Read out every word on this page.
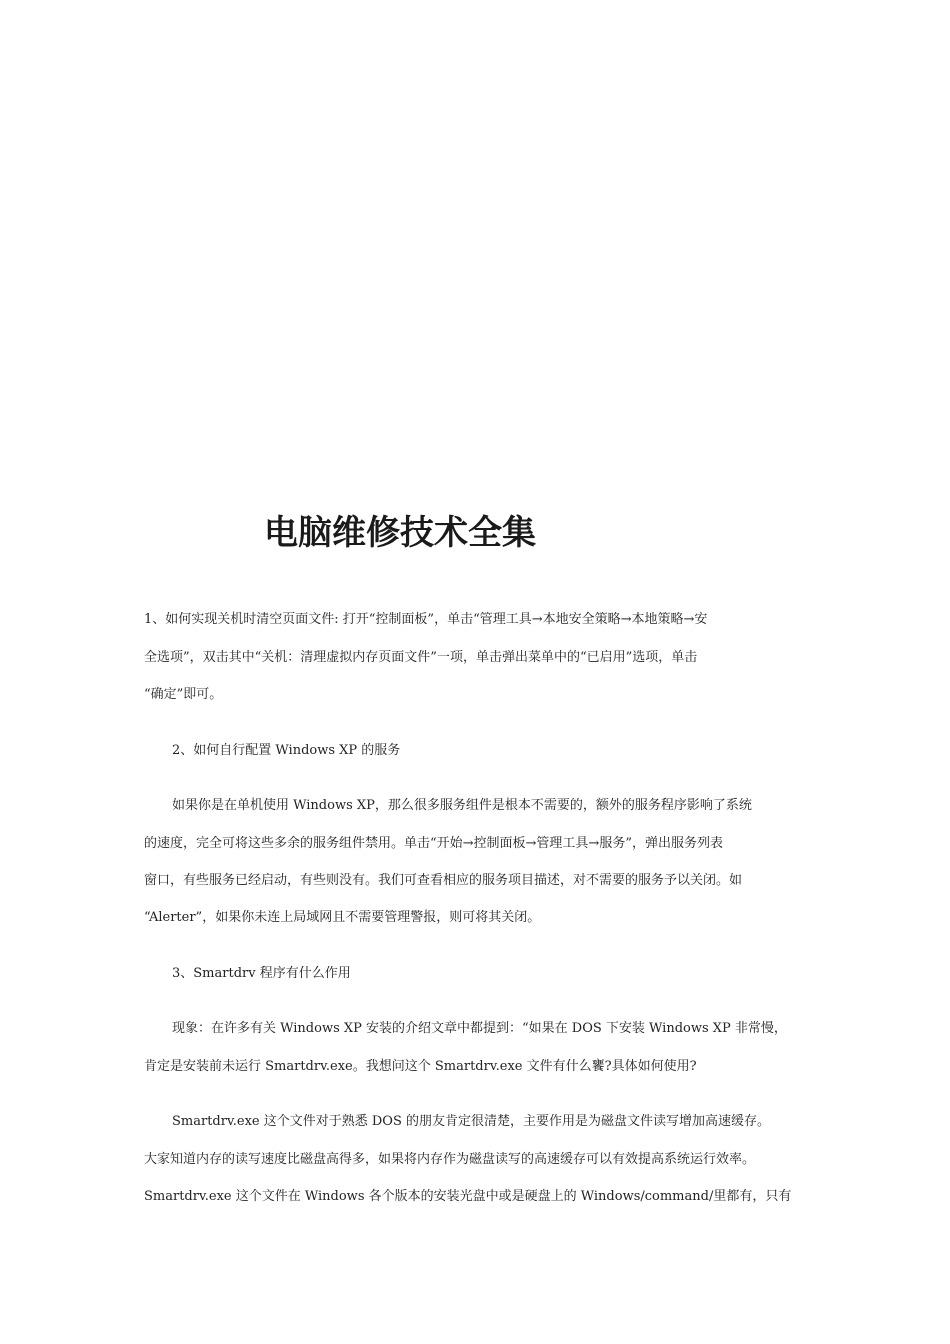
电脑维修技术全集

1、如何实现关机时清空页面文件: 打开“控制面板”，单击“管理工具→本地安全策略→本地策略→安

全选项”，双击其中“关机：清理虚拟内存页面文件”一项，单击弹出菜单中的“已启用”选项，单击

“确定”即可。

2、如何自行配置 Windows XP 的服务

如果你是在单机使用 Windows XP，那么很多服务组件是根本不需要的，额外的服务程序影响了系统

的速度，完全可将这些多余的服务组件禁用。单击“开始→控制面板→管理工具→服务”，弹出服务列表

窗口，有些服务已经启动，有些则没有。我们可查看相应的服务项目描述，对不需要的服务予以关闭。如

“Alerter”，如果你未连上局域网且不需要管理警报，则可将其关闭。

3、Smartdrv 程序有什么作用

现象：在许多有关 Windows XP 安装的介绍文章中都提到：“如果在 DOS 下安装 Windows XP 非常慢，

肯定是安装前未运行 Smartdrv.exe。我想问这个 Smartdrv.exe 文件有什么饔?具体如何使用?

Smartdrv.exe 这个文件对于熟悉 DOS 的朋友肯定很清楚，主要作用是为磁盘文件读写增加高速缓存。

大家知道内存的读写速度比磁盘高得多，如果将内存作为磁盘读写的高速缓存可以有效提高系统运行效率。

Smartdrv.exe 这个文件在 Windows 各个版本的安装光盘中或是硬盘上的 Windows/command/里都有，只有
